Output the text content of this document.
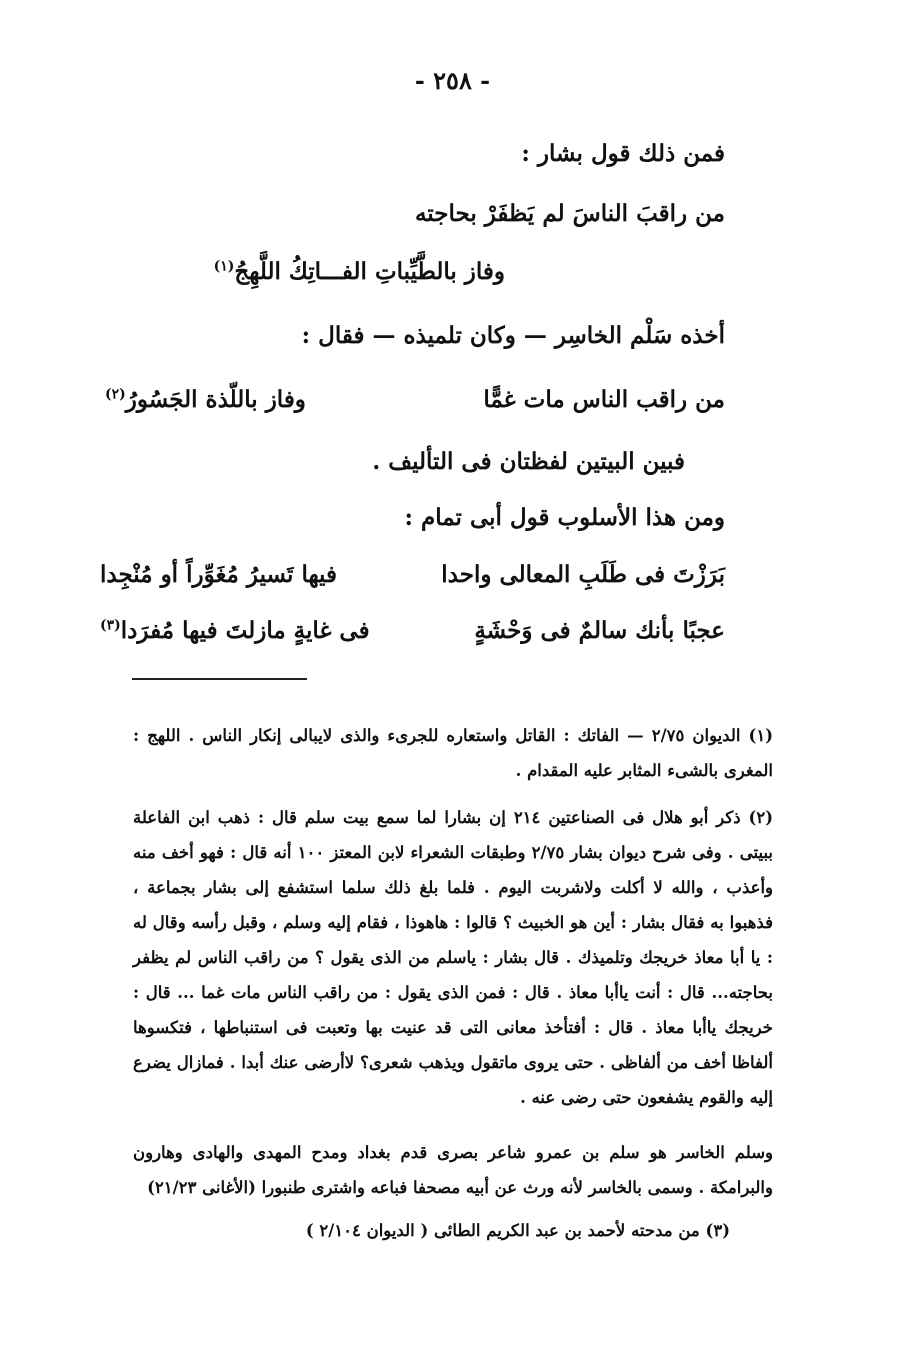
- ٢٥٨ -
فمن ذلك قول بشار :
من راقبَ الناسَ لم يَظفَرْ بحاجته
وفاز بالطَّيِّباتِ الفـــاتِكُ اللَّهِجُ$^{(١)}$
أخذه سَلْم الخاسِر — وكان تلميذه — فقال :
من راقب الناس مات غمًّا
وفاز باللّذة الجَسُورُ$^{(٢)}$
فبين البيتين لفظتان فى التأليف .
ومن هذا الأسلوب قول أبى تمام :
بَرَزْتَ فى طَلَبِ المعالى واحدا
فيها تَسيرُ مُغَوِّراً أو مُنْجِدا
عجبًا بأنك سالمٌ فى وَحْشَةٍ
فى غايةٍ مازلتَ فيها مُفرَدا$^{(٣)}$
(١) الديوان ٢/٧٥ — الفاتك : القاتل واستعاره للجرىء والذى لايبالى إنكار الناس . اللهج : المغرى بالشىء المثابر عليه المقدام .
(٢) ذكر أبو هلال فى الصناعتين ٢١٤ إن بشارا لما سمع بيت سلم قال : ذهب ابن الفاعلة ببيتى . وفى شرح ديوان بشار ٢/٧٥ وطبقات الشعراء لابن المعتز ١٠٠ أنه قال : فهو أخف منه وأعذب ، والله لا أكلت ولاشربت اليوم . فلما بلغ ذلك سلما استشفع إلى بشار بجماعة ، فذهبوا به فقال بشار : أين هو الخبيث ؟ قالوا : هاهوذا ، فقام إليه وسلم ، وقبل رأسه وقال له : يا أبا معاذ خريجك وتلميذك . قال بشار : ياسلم من الذى يقول ؟ من راقب الناس لم يظفر بحاجته... قال : أنت ياأبا معاذ . قال : فمن الذى يقول : من راقب الناس مات غما ... قال : خريجك ياأبا معاذ . قال : أفتأخذ معانى التى قد عنيت بها وتعبت فى استنباطها ، فتكسوها ألفاظا أخف من ألفاظى . حتى يروى ماتقول ويذهب شعرى؟ لاأرضى عنك أبدا . فمازال يضرع إليه والقوم يشفعون حتى رضى عنه .
وسلم الخاسر هو سلم بن عمرو شاعر بصرى قدم بغداد ومدح المهدى والهادى وهارون والبرامكة . وسمى بالخاسر لأنه ورث عن أبيه مصحفا فباعه واشترى طنبورا (الأغانى ٢١/٢٣)
(٣) من مدحته لأحمد بن عبد الكريم الطائى ( الديوان ٢/١٠٤ )
